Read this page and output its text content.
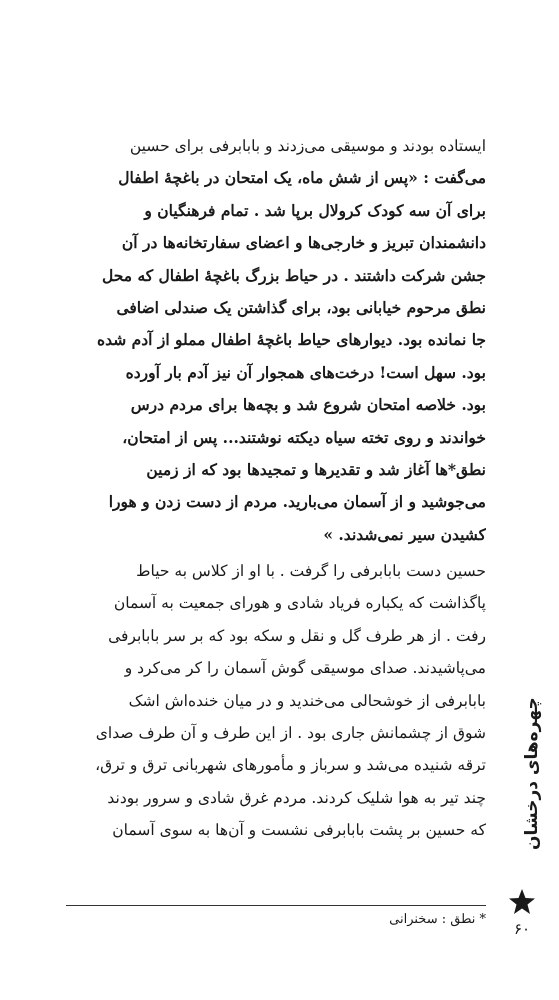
ایستاده بودند و موسیقی می‌زدند و بابابرفی برای حسین
می‌گفت : «پس از شش ماه، یک امتحان در باغچهٔ اطفال
برای آن سه کودک کرولال برپا شد . تمام فرهنگیان و
دانشمندان تبریز و خارجی‌ها و اعضای سفارتخانه‌ها در آن
جشن شرکت داشتند . در حیاط بزرگ باغچهٔ اطفال که محل
نطق مرحوم خیابانی بود، برای گذاشتن یک صندلی اضافی
جا نمانده بود. دیوارهای حیاط باغچهٔ اطفال مملو از آدم شده
بود. سهل است! درخت‌های همجوار آن نیز آدم بار آورده
بود. خلاصه امتحان شروع شد و بچه‌ها برای مردم درس
خواندند و روی تخته سیاه دیکته نوشتند... پس از امتحان،
نطق*ها آغاز شد و تقدیرها و تمجیدها بود که از زمین
می‌جوشید و از آسمان می‌بارید. مردم از دست زدن و هورا
کشیدن سیر نمی‌شدند. »
حسین دست بابابرفی را گرفت . با او از کلاس به حیاط
پاگذاشت که یکباره فریاد شادی و هورای جمعیت به آسمان
رفت . از هر طرف گل و نقل و سکه بود که بر سر بابابرفی
می‌پاشیدند. صدای موسیقی گوش آسمان را کر می‌کرد و
بابابرفی از خوشحالی می‌خندید و در میان خنده‌اش اشک
شوق از چشمانش جاری بود . از این طرف و آن طرف صدای
ترقه شنیده می‌شد و سرباز و مأمورهای شهربانی ترق و ترق،
چند تیر به هوا شلیک کردند. مردم غرق شادی و سرور بودند
که حسین بر پشت بابابرفی نشست و آن‌ها به سوی آسمان
* نطق : سخنرانی
چهره‌های درخشان
۶۰
